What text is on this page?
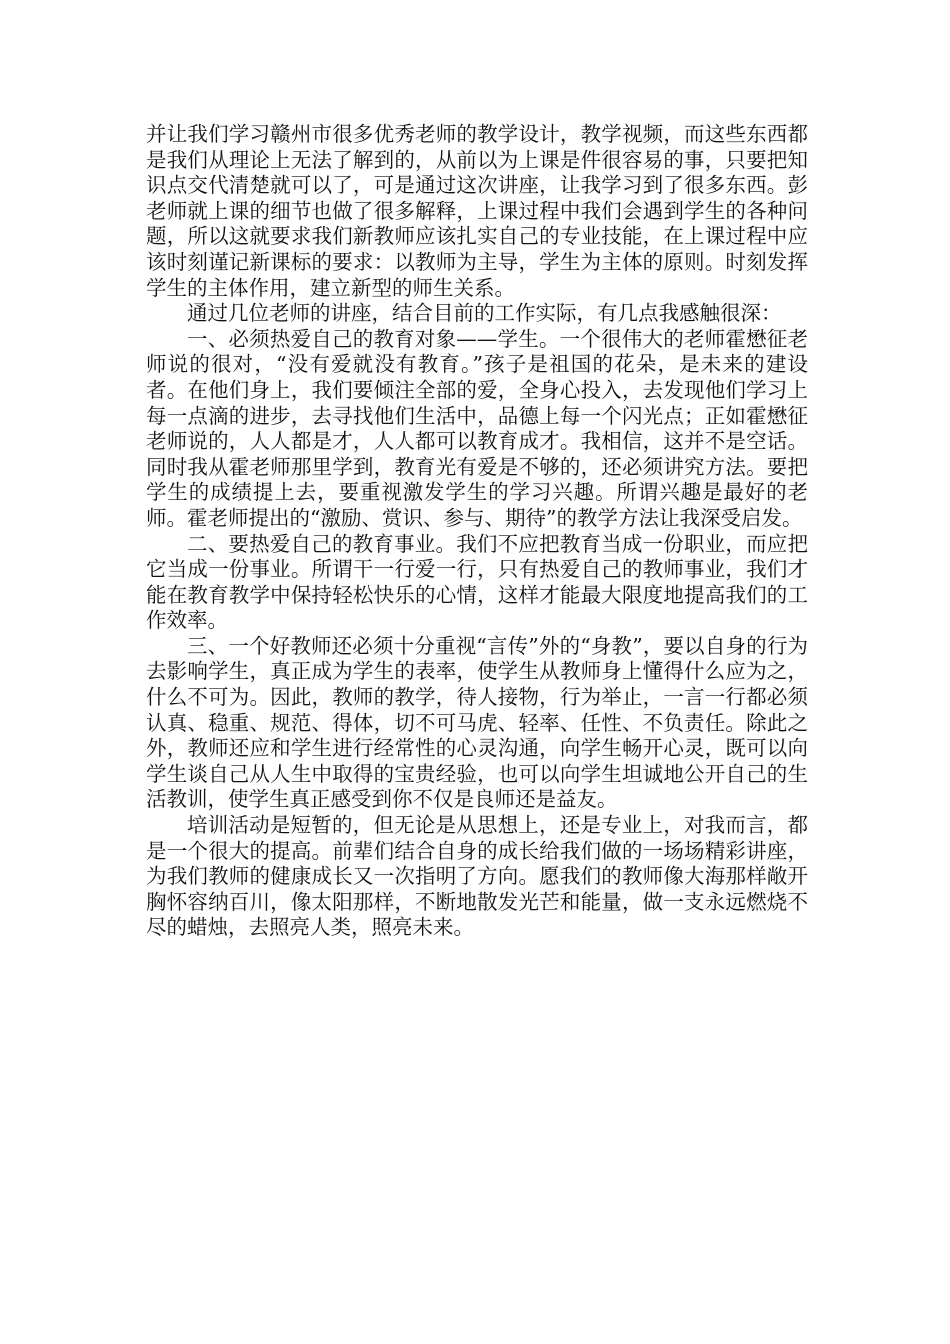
并让我们学习赣州市很多优秀老师的教学设计，教学视频，而这些东西都是我们从理论上无法了解到的，从前以为上课是件很容易的事，只要把知识点交代清楚就可以了，可是通过这次讲座，让我学习到了很多东西。彭老师就上课的细节也做了很多解释，上课过程中我们会遇到学生的各种问题，所以这就要求我们新教师应该扎实自己的专业技能，在上课过程中应该时刻谨记新课标的要求：以教师为主导，学生为主体的原则。时刻发挥学生的主体作用，建立新型的师生关系。

通过几位老师的讲座，结合目前的工作实际，有几点我感触很深：

一、必须热爱自己的教育对象——学生。一个很伟大的老师霍懋征老师说的很对，“没有爱就没有教育。”孩子是祖国的花朵，是未来的建设者。在他们身上，我们要倾注全部的爱，全身心投入，去发现他们学习上每一点滴的进步，去寻找他们生活中，品德上每一个闪光点；正如霍懋征老师说的，人人都是才，人人都可以教育成才。我相信，这并不是空话。同时我从霍老师那里学到，教育光有爱是不够的，还必须讲究方法。要把学生的成绩提上去，要重视激发学生的学习兴趣。所谓兴趣是最好的老师。霍老师提出的“激励、赏识、参与、期待”的教学方法让我深受启发。

二、要热爱自己的教育事业。我们不应把教育当成一份职业，而应把它当成一份事业。所谓干一行爱一行，只有热爱自己的教师事业，我们才能在教育教学中保持轻松快乐的心情，这样才能最大限度地提高我们的工作效率。

三、一个好教师还必须十分重视“言传”外的“身教”，要以自身的行为去影响学生，真正成为学生的表率，使学生从教师身上懂得什么应为之，什么不可为。因此，教师的教学，待人接物，行为举止，一言一行都必须认真、稳重、规范、得体，切不可马虎、轻率、任性、不负责任。除此之外，教师还应和学生进行经常性的心灵沟通，向学生畅开心灵，既可以向学生谈自己从人生中取得的宝贵经验，也可以向学生坦诚地公开自己的生活教训，使学生真正感受到你不仅是良师还是益友。

培训活动是短暂的，但无论是从思想上，还是专业上，对我而言，都是一个很大的提高。前辈们结合自身的成长给我们做的一场场精彩讲座，为我们教师的健康成长又一次指明了方向。愿我们的教师像大海那样敞开胸怀容纳百川，像太阳那样，不断地散发光芒和能量，做一支永远燃烧不尽的蜡烛，去照亮人类，照亮未来。
